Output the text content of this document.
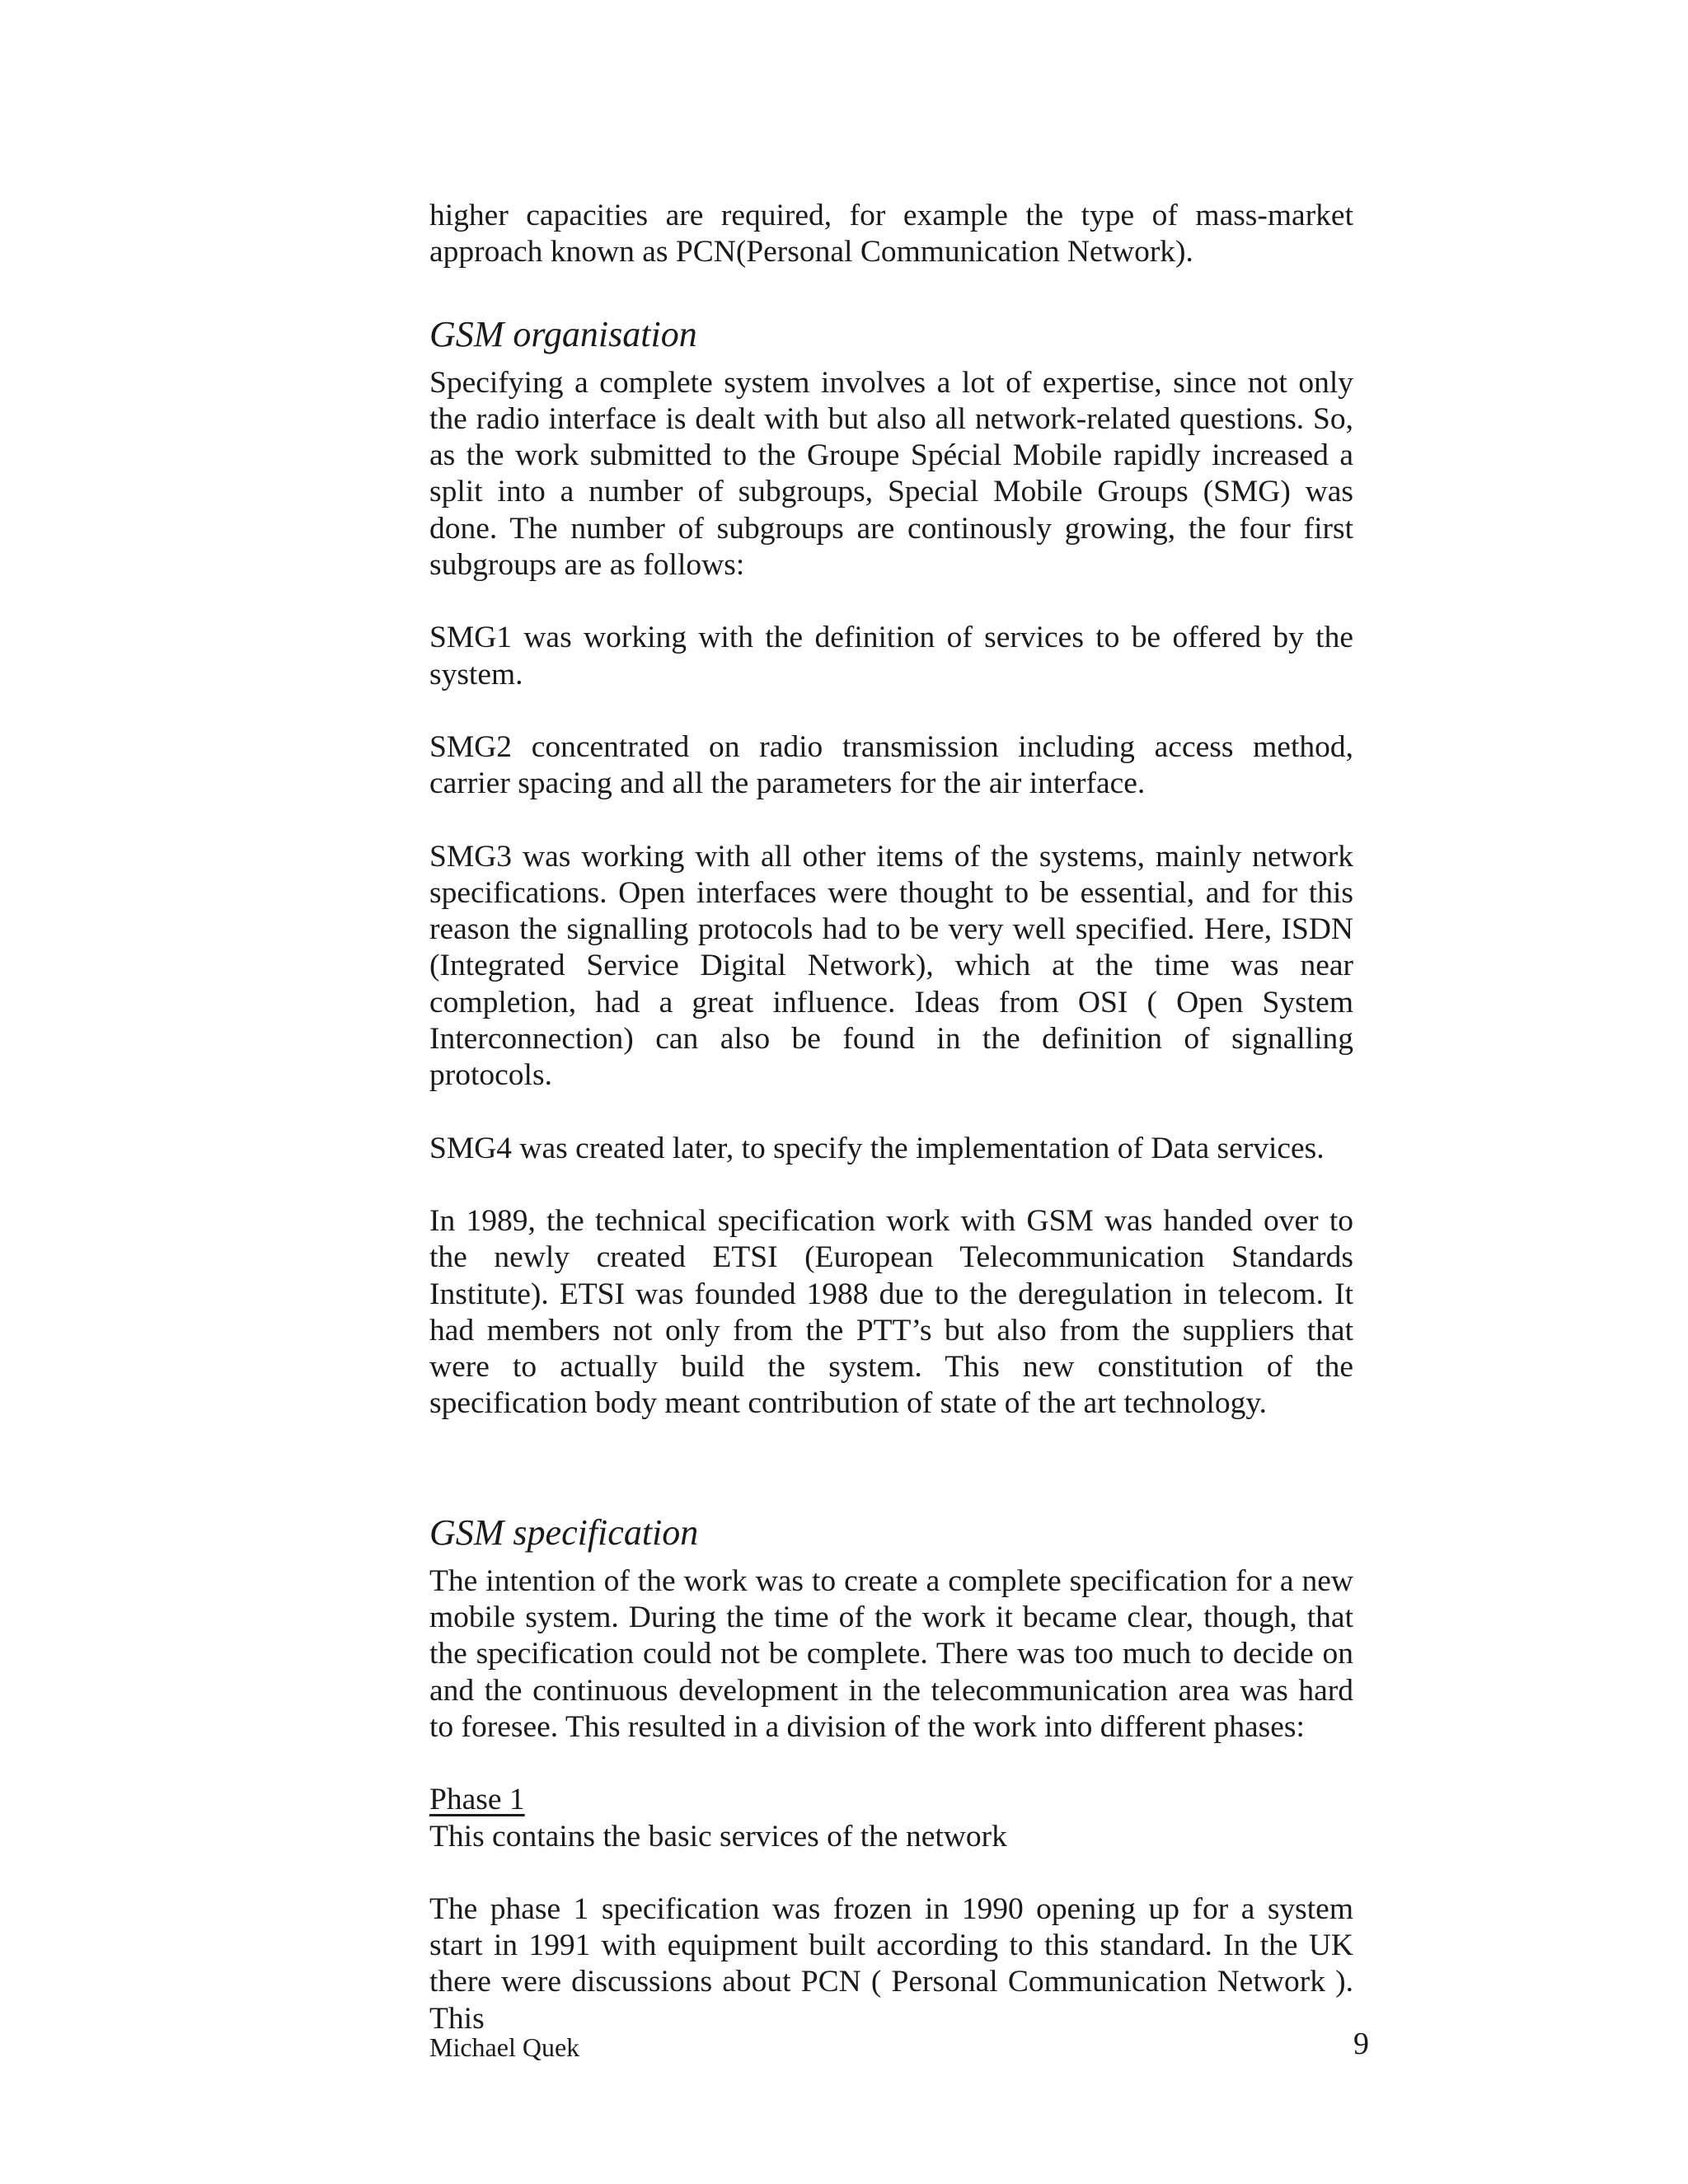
higher capacities are required, for example the type of mass-market approach known as PCN(Personal Communication Network).

GSM organisation

Specifying a complete system involves a lot of expertise, since not only the radio interface is dealt with but also all network-related questions. So, as the work submitted to the Groupe Spécial Mobile rapidly increased a split into a number of subgroups, Special Mobile Groups (SMG) was done. The number of subgroups are continously growing, the four first subgroups are as follows:

SMG1 was working with the definition of services to be offered by the system.

SMG2 concentrated on radio transmission including access method, carrier spacing and all the parameters for the air interface.

SMG3 was working with all other items of the systems, mainly network specifications. Open interfaces were thought to be essential, and for this reason the signalling protocols had to be very well specified. Here, ISDN (Integrated Service Digital Network), which at the time was near completion, had a great influence. Ideas from OSI ( Open System Interconnection) can also be found in the definition of signalling protocols.

SMG4 was created later, to specify the implementation of Data services.

In 1989, the technical specification work with GSM was handed over to the newly created ETSI (European Telecommunication Standards Institute). ETSI was founded 1988 due to the deregulation in telecom. It had members not only from the PTT’s but also from the suppliers that were to actually build the system. This new constitution of the specification body meant contribution of state of the art technology.

GSM specification

The intention of the work was to create a complete specification for a new mobile system. During the time of the work it became clear, though, that the specification could not be complete. There was too much to decide on and the continuous development in the telecommunication area was hard to foresee. This resulted in a division of the work into different phases:

Phase 1

This contains the basic services of the network

The phase 1 specification was frozen in 1990 opening up for a system start in 1991 with equipment built according to this standard. In the UK there were discussions about PCN ( Personal Communication Network ). This

Michael Quek	9
